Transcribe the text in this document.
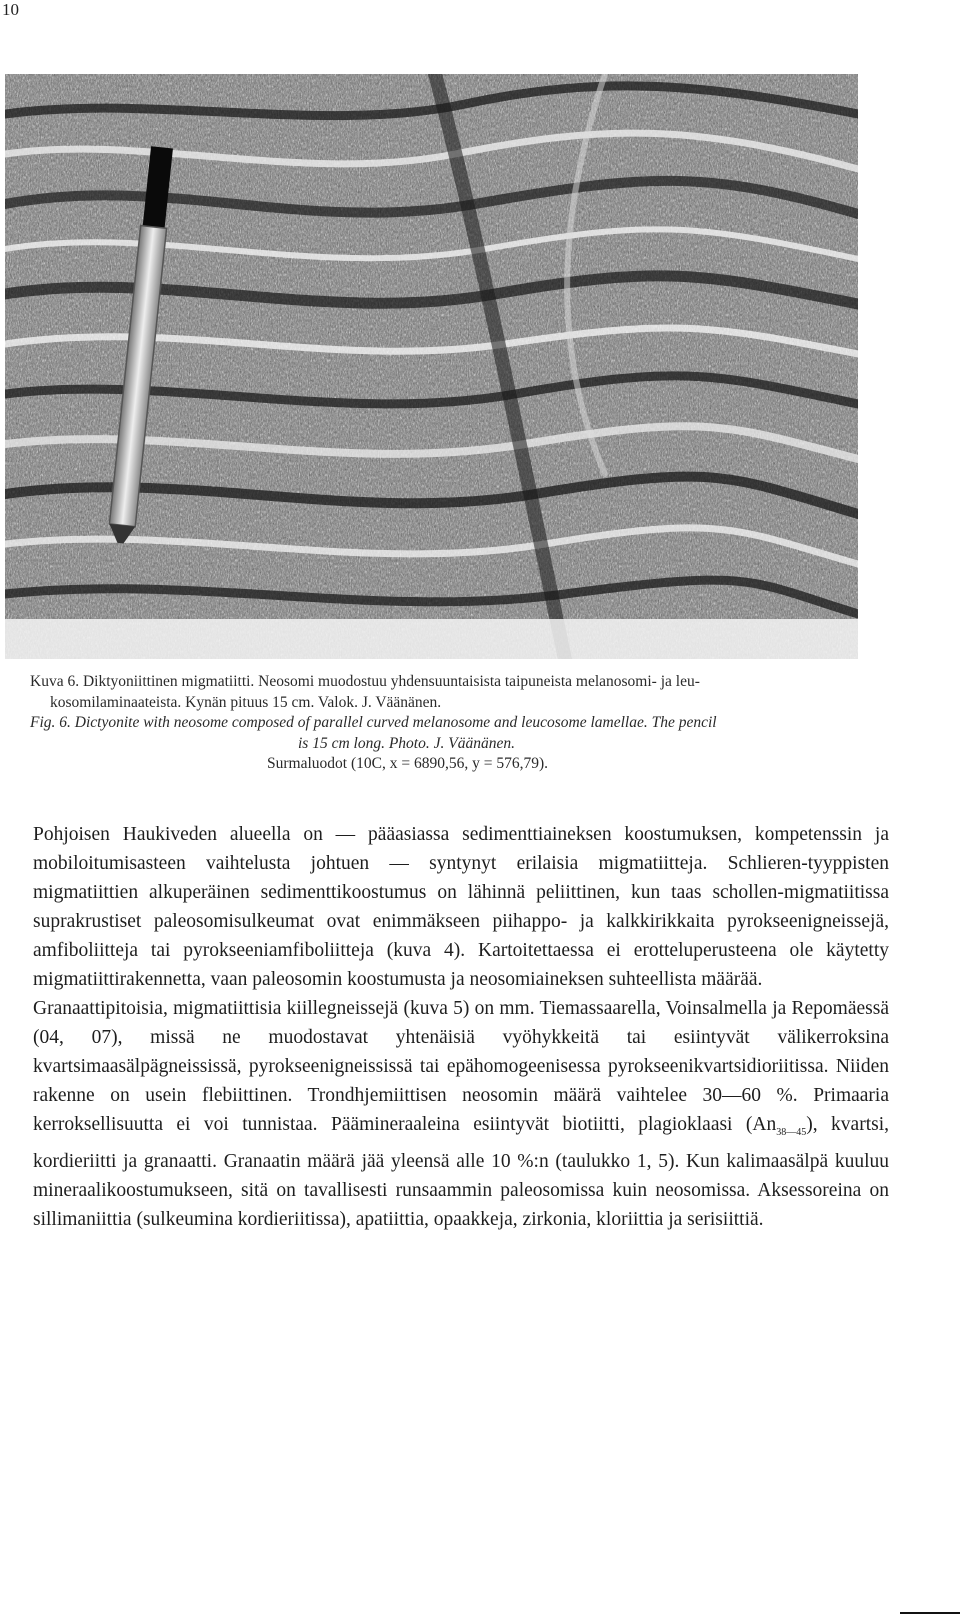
10

Kuva 6. Diktyoniittinen migmatiitti. Neosomi muodostuu yhdensuuntaisista taipuneista melanosomi- ja leu-

kosomilaminaateista. Kynän pituus 15 cm. Valok. J. Väänänen.

Fig. 6. Dictyonite with neosome composed of parallel curved melanosome and leucosome lamellae. The pencil

is 15 cm long. Photo. J. Väänänen.

Surmaluodot (10C, x = 6890,56, y = 576,79).

Pohjoisen Haukiveden alueella on — pääasiassa sedimenttiaineksen koostumuksen, kompetenssin ja mobiloitumisasteen vaihtelusta johtuen — syntynyt erilaisia migmatiitteja. Schlieren-tyyppisten migmatiittien alkuperäinen sedimenttikoostumus on lähinnä peliittinen, kun taas schollen-migmatiitissa suprakrustiset paleosomisulkeumat ovat enimmäkseen piihappo- ja kalkkirikkaita pyrokseenigneissejä, amfiboliitteja tai pyrokseeniamfiboliitteja (kuva 4). Kartoitettaessa ei erotteluperusteena ole käytetty migmatiittirakennetta, vaan paleosomin koostumusta ja neosomiaineksen suhteellista määrää.

Granaattipitoisia, migmatiittisia kiillegneissejä (kuva 5) on mm. Tiemassaarella, Voinsalmella ja Repomäessä (04, 07), missä ne muodostavat yhtenäisiä vyöhykkeitä tai esiintyvät välikerroksina kvartsimaasälpägneississä, pyrokseenigneississä tai epähomogeenisessa pyrokseenikvartsidioriitissa. Niiden rakenne on usein flebiittinen. Trondhjemiittisen neosomin määrä vaihtelee 30—60 %. Primaaria kerroksellisuutta ei voi tunnistaa. Päämineraaleina esiintyvät biotiitti, plagioklaasi $(An_{38—45})$, kvartsi, kordieriitti ja granaatti. Granaatin määrä jää yleensä alle 10 %:n (taulukko 1, 5). Kun kalimaasälpä kuuluu mineraalikoostumukseen, sitä on tavallisesti runsaammin paleosomissa kuin neosomissa. Aksessoreina on sillimaniittia (sulkeumina kordieriitissa), apatiittia, opaakkeja, zirkonia, kloriittia ja serisiittiä.
